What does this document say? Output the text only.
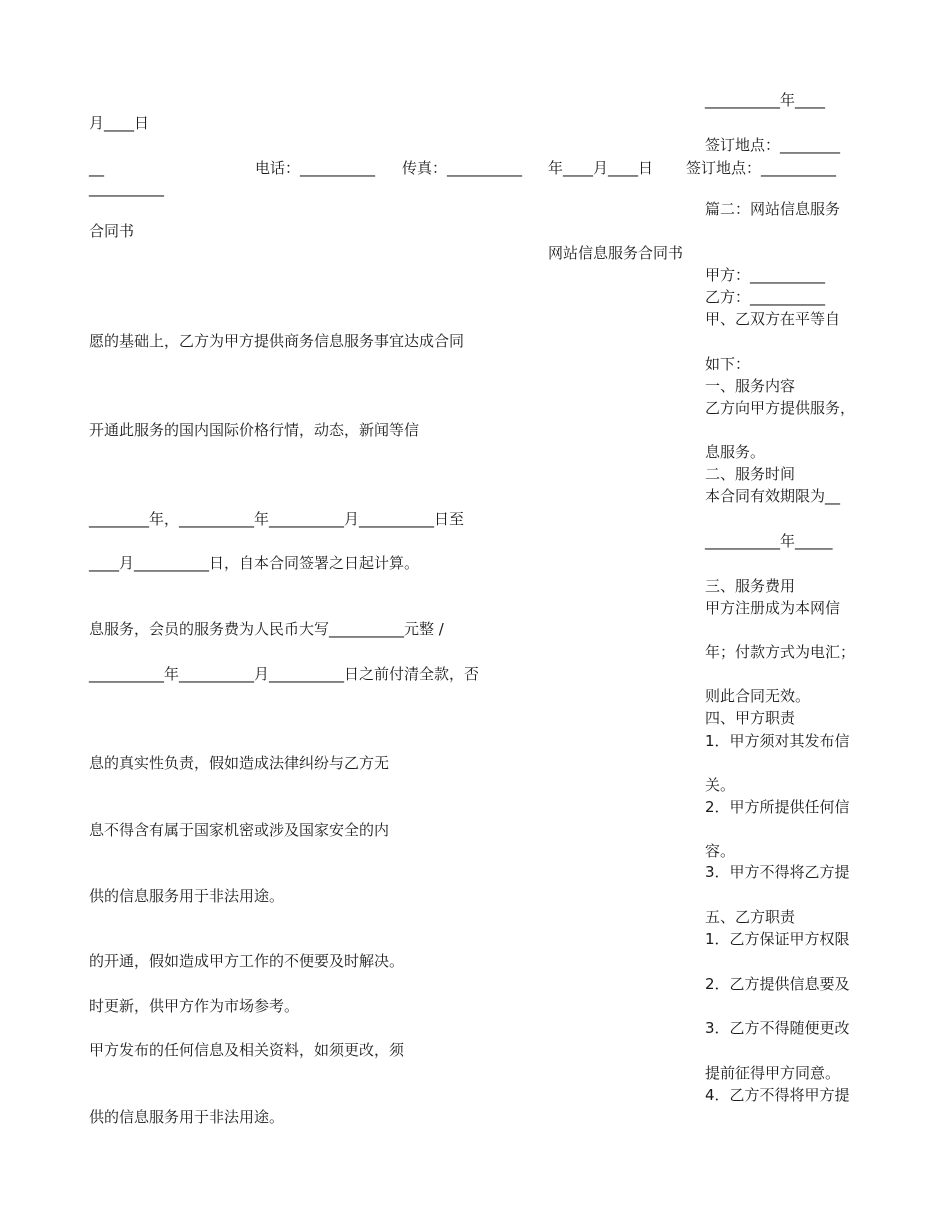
__________年____
月____日
签订地点：________
__	电话：__________ 传真：__________ 年____月____日 签订地点：__________
__________
篇二：网站信息服务
合同书
网站信息服务合同书
甲方：__________
乙方：__________
甲、乙双方在平等自
愿的基础上，乙方为甲方提供商务信息服务事宜达成合同
如下：
一、服务内容
乙方向甲方提供服务，
开通此服务的国内国际价格行情，动态，新闻等信
息服务。
二、服务时间
本合同有效期限为__
________年，__________年__________月__________日至
__________年_____
____月__________日，自本合同签署之日起计算。
三、服务费用
甲方注册成为本网信
息服务，会员的服务费为人民币大写__________元整 /
年；付款方式为电汇；
__________年__________月__________日之前付清全款，否
则此合同无效。
四、甲方职责
1．甲方须对其发布信
息的真实性负责，假如造成法律纠纷与乙方无
关。
2．甲方所提供任何信
息不得含有属于国家机密或涉及国家安全的内
容。
3．甲方不得将乙方提
供的信息服务用于非法用途。
五、乙方职责
1．乙方保证甲方权限
的开通，假如造成甲方工作的不便要及时解决。
2．乙方提供信息要及
时更新，供甲方作为市场参考。
3．乙方不得随便更改
甲方发布的任何信息及相关资料，如须更改，须
提前征得甲方同意。
4．乙方不得将甲方提
供的信息服务用于非法用途。
